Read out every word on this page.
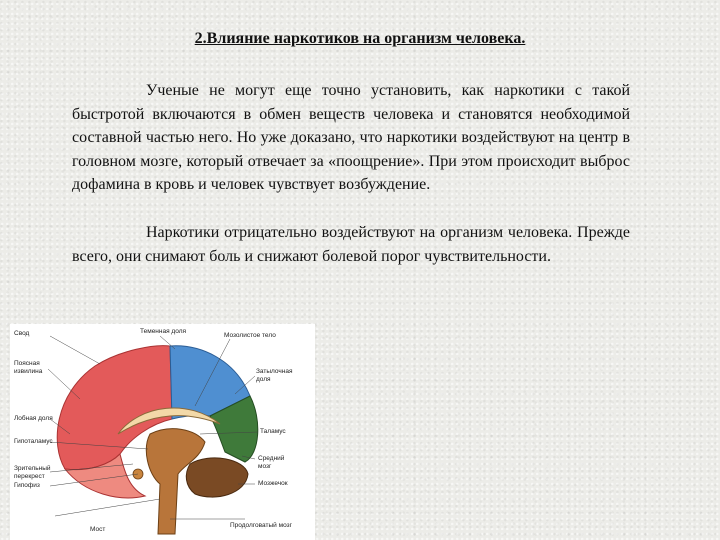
2.Влияние наркотиков на организм человека.

Ученые не могут еще точно установить, как наркотики с такой быстротой включаются в обмен веществ человека и становятся необходимой составной частью него. Но уже доказано, что наркотики воздействуют на центр в головном мозге, который отвечает за «поощрение». При этом происходит выброс дофамина в кровь и человек чувствует возбуждение.

Наркотики отрицательно воздействуют на организм человека. Прежде всего, они снимают боль и снижают болевой порог чувствительности.

Свод	Теменная доля
Мозолистое тело
Поясная
извилина	Затылочная
доля
Лобная доля
Таламус
Гипоталамус
Средний
мозг
Зрительный
перекрест
Гипофиз	Мозжечок
Мост
Продолговатый мозг
